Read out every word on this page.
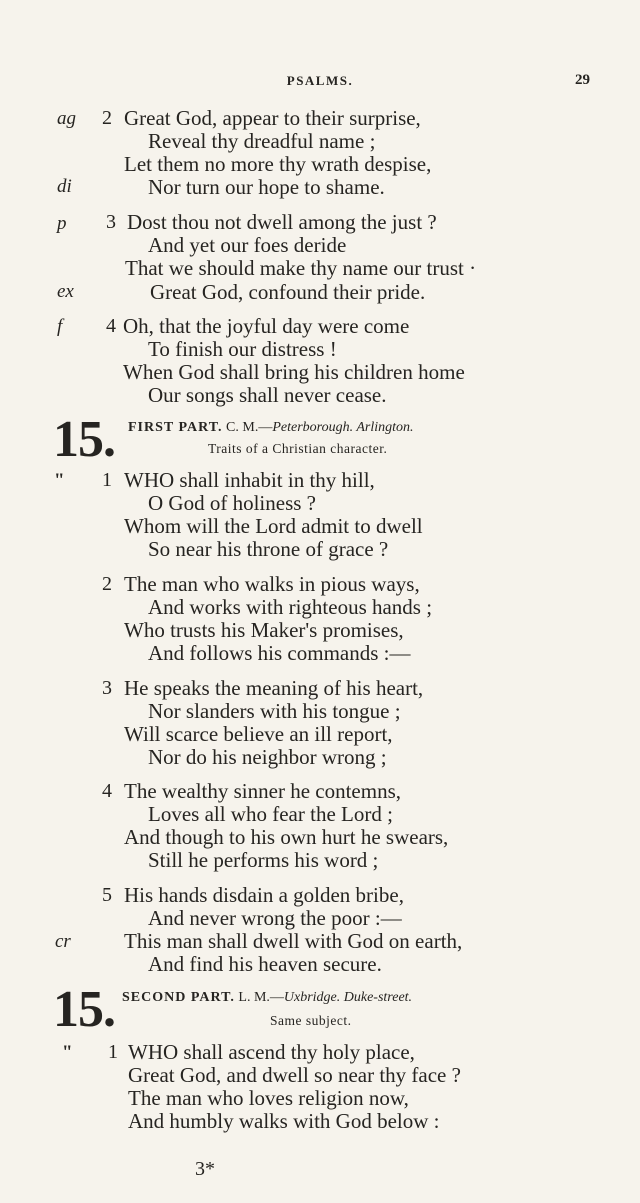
PSALMS.	29
ag
di
p
ex
f
2 Great God, appear to their surprise,
Reveal thy dreadful name ;
Let them no more thy wrath despise,
Nor turn our hope to shame.
3 Dost thou not dwell among the just ?
And yet our foes deride
That we should make thy name our trust ·
Great God, confound their pride.
4 Oh, that the joyful day were come
To finish our distress !
When God shall bring his children home
Our songs shall never cease.
15. FIRST PART. C. M.—Peterborough. Arlington.
Traits of a Christian character.
"	1 WHO shall inhabit in thy hill,
O God of holiness ?
Whom will the Lord admit to dwell
So near his throne of grace ?
2 The man who walks in pious ways,
And works with righteous hands ;
Who trusts his Maker's promises,
And follows his commands :—
3 He speaks the meaning of his heart,
Nor slanders with his tongue ;
Will scarce believe an ill report,
Nor do his neighbor wrong ;
4 The wealthy sinner he contemns,
Loves all who fear the Lord ;
And though to his own hurt he swears,
Still he performs his word ;
5 His hands disdain a golden bribe,
And never wrong the poor :—
cr	This man shall dwell with God on earth,
And find his heaven secure.
15. SECOND PART. L. M.—Uxbridge. Duke-street.
Same subject.
"	1 WHO shall ascend thy holy place,
Great God, and dwell so near thy face ?
The man who loves religion now,
And humbly walks with God below :
3*
